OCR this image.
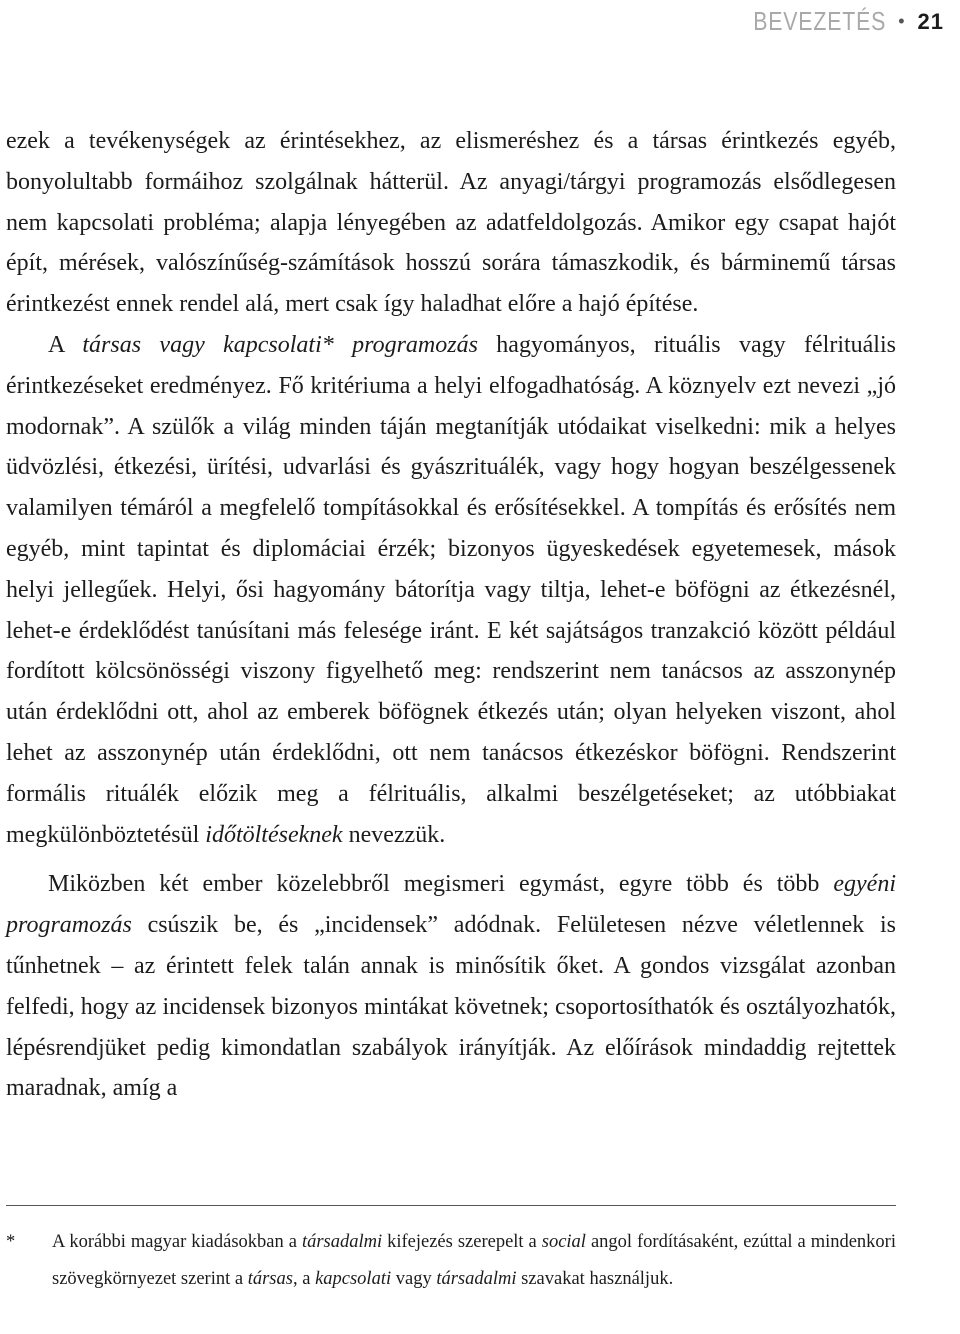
BEVEZETÉS • 21

ezek a tevékenységek az érintésekhez, az elismeréshez és a társas érintkezés egyéb, bonyolultabb formáihoz szolgálnak hátterül. Az anyagi/tárgyi programozás elsődlegesen nem kapcsolati probléma; alapja lényegében az adatfeldolgozás. Amikor egy csapat hajót épít, mérések, valószínűség-számítások hosszú sorára támaszkodik, és bárminemű társas érintkezést ennek rendel alá, mert csak így haladhat előre a hajó építése.

A társas vagy kapcsolati* programozás hagyományos, rituális vagy félrituális érintkezéseket eredményez. Fő kritériuma a helyi elfogadhatóság. A köznyelv ezt nevezi „jó modornak”. A szülők a világ minden táján megtanítják utódaikat viselkedni: mik a helyes üdvözlési, étkezési, ürítési, udvarlási és gyászrituálék, vagy hogy hogyan beszélgessenek valamilyen témáról a megfelelő tompításokkal és erősítésekkel. A tompítás és erősítés nem egyéb, mint tapintat és diplomáciai érzék; bizonyos ügyeskedések egyetemesek, mások helyi jellegűek. Helyi, ősi hagyomány bátorítja vagy tiltja, lehet-e böfögni az étkezésnél, lehet-e érdeklődést tanúsítani más felesége iránt. E két sajátságos tranzakció között például fordított kölcsönösségi viszony figyelhető meg: rendszerint nem tanácsos az asszonynép után érdeklődni ott, ahol az emberek böfögnek étkezés után; olyan helyeken viszont, ahol lehet az asszonynép után érdeklődni, ott nem tanácsos étkezéskor böfögni. Rendszerint formális rituálék előzik meg a félrituális, alkalmi beszélgetéseket; az utóbbiakat megkülönböztetésül időtöltéseknek nevezzük.

Miközben két ember közelebbről megismeri egymást, egyre több és több egyéni programozás csúszik be, és „incidensek” adódnak. Felületesen nézve véletlennek is tűnhetnek – az érintett felek talán annak is minősítik őket. A gondos vizsgálat azonban felfedi, hogy az incidensek bizonyos mintákat követnek; csoportosíthatók és osztályozhatók, lépésrendjüket pedig kimondatlan szabályok irányítják. Az előírások mindaddig rejtettek maradnak, amíg a

*	A korábbi magyar kiadásokban a társadalmi kifejezés szerepelt a social angol fordításaként, ezúttal a mindenkori szövegkörnyezet szerint a társas, a kapcsolati vagy társadalmi szavakat használjuk.
